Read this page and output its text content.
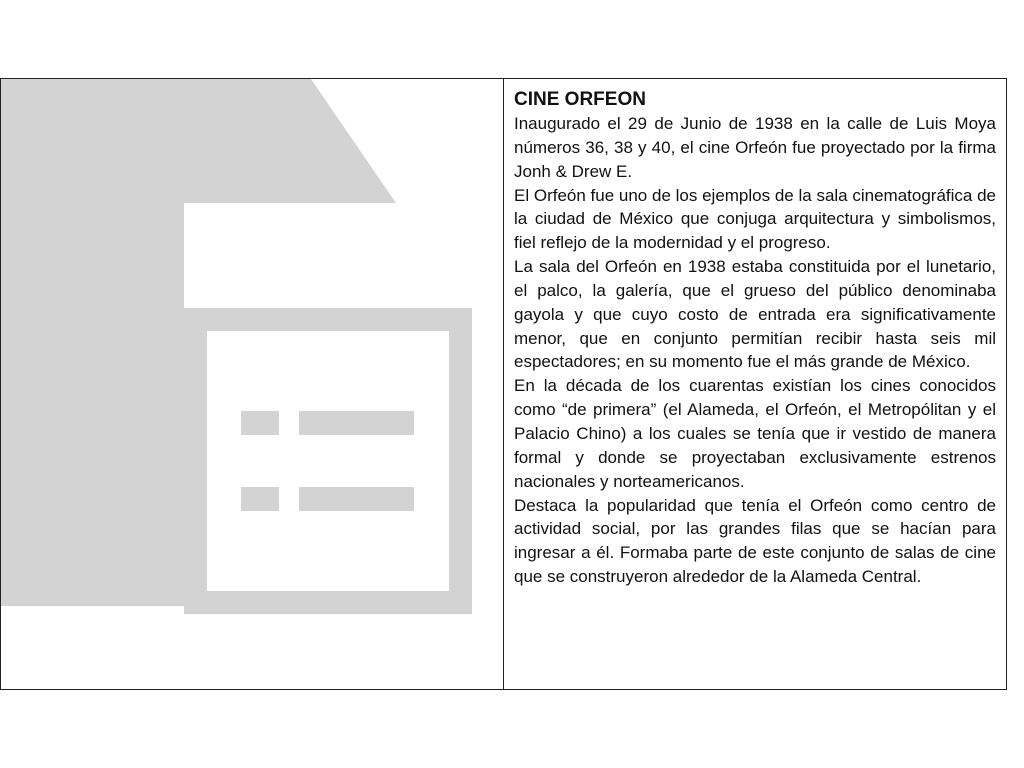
CINE ORFEON

Inaugurado el 29 de Junio de 1938 en la calle de Luis Moya números 36, 38 y 40, el cine Orfeón fue proyectado por la firma Jonh & Drew E.

El Orfeón fue uno de los ejemplos de la sala cinematográfica de la ciudad de México que conjuga arquitectura y simbolismos, fiel reflejo de la modernidad y el progreso.

La sala del Orfeón en 1938 estaba constituida por el lunetario, el palco, la galería, que el grueso del público denominaba gayola y que cuyo costo de entrada era significativamente menor, que en conjunto permitían recibir hasta seis mil espectadores; en su momento fue el más grande de México.

En la década de los cuarentas existían los cines conocidos como “de primera” (el Alameda, el Orfeón, el Metropólitan y el Palacio Chino) a los cuales se tenía que ir vestido de manera formal y donde se proyectaban exclusivamente estrenos nacionales y norteamericanos.

Destaca la popularidad que tenía el Orfeón como centro de actividad social, por las grandes filas que se hacían para ingresar a él. Formaba parte de este conjunto de salas de cine que se construyeron alrededor de la Alameda Central.
